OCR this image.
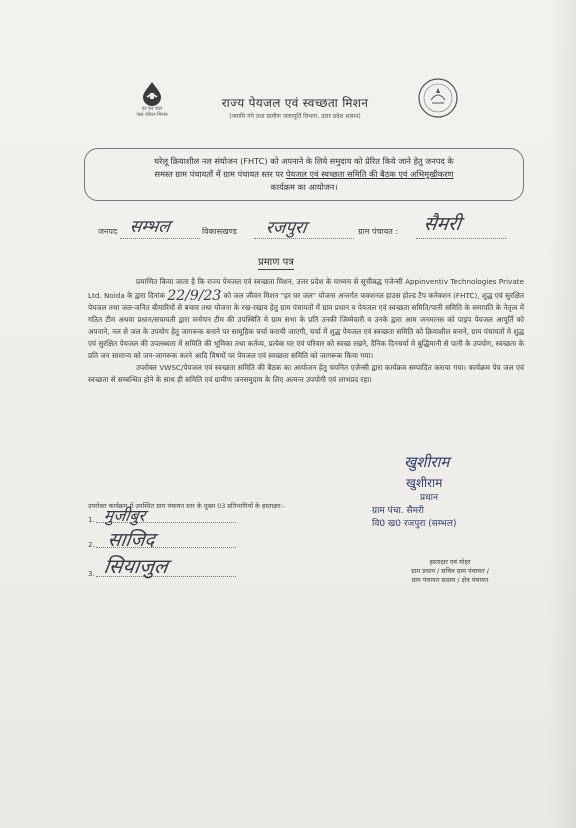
हर घर जल
जल जीवन मिशन
राज्य पेयजल एवं स्वच्छता मिशन
(नमामि गंगे तथा ग्रामीण जलापूर्ति विभाग, उत्तर प्रदेश शासन)
घरेलू क्रियाशील नल संयोजन (FHTC) को अपनाने के लिये समुदाय को प्रेरित किये जाने हेतु जनपद के
समस्त ग्राम पंचायतों में ग्राम पंचायत स्तर पर पेयजल एवं स्वच्छता समिति की बैठक एवं अभिमुखीकरण
कार्यक्रम का आयोजन।
जनपद सम्भल	विकासखण्ड रजपुरा	ग्राम पंचायत : सैमरी
प्रमाण पत्र

प्रमाणित किया जाता है कि राज्य पेयजल एवं स्वच्छता मिशन, उत्तर प्रदेश के माध्यम से सूचीबद्ध एजेन्सी Appinventiv Technologies Private Ltd. Noida के द्वारा दिनांक 22/9/23 को जल जीवन मिशन "हर घर जल" योजना अन्तर्गत फक्शनल हाउस होल्ड टैप कनेक्शन (FHTC), शुद्ध एवं सुरक्षित पेयजल तथा जल-जनित बीमारियों से बचाव तथा योजना के रख-रखाव हेतु ग्राम पंचायतों में ग्राम प्रधान व पेयजल एवं स्वच्छता समिति/पानी समिति के समापति के नेतृत्व में गठित टीम अथवा प्रधान/सचायती द्वारा मनोयन टीम की उपस्थिति मे ग्राम सभा के प्रति उनकी जिम्मेवारी व उनके द्वारा आम जनमानस को पाइप पेयजल आपूर्ति को अपनाने, नल से जल के उपयोग हेतु जागरूक बनाने पर सामूहिक चर्चा करायी जाएगी, चर्चा में शुद्ध पेयजल एवं स्वच्छता समिति को क्रियाशील बनाने, ग्राम पंचायतों मे शुद्ध एवं सुरक्षित पेयजल की उपलब्धता में समिति की भूमिका तथा कर्तव्य, प्रत्येक घर एवं परिवार को स्वच्छ रखने, दैनिक दिनचर्या मे बुद्धिमानी से पानी के उपयोग, स्वच्छता के प्रति जन सामान्य को जन-जागरूक करने आदि विषयों पर पेयजल एवं स्वच्छता समिति को जागरूक किया गया।

उपरोक्त VWSC/पेयजल एवं स्वच्छता समिति की बैठक का आयोजन हेतु चयनित एजेन्सी द्वारा कार्यक्रम सम्पादित कराया गया। कार्यक्रम पेय जल एवं स्वच्छता से सम्बन्धित होने के साथ ही समिति एवं ग्रामीण जनसमुदाय के लिए अत्यन्त उपयोगी एवं लाभप्रद रहा।

खुशीराम
खुशीराम
प्रधान
ग्राम पंचा. सैमरी
वि0 ख0 रजपुरा (सम्भल)
उपरोक्त कार्यक्रम में उपस्थित ग्राम पंचायत स्तर के मुख्य 03 प्रतिभागियों के हस्ताक्षर:-
1. मुजीबुर
2. साजिद
3. सियाजुल	हस्ताक्षर एवं मोहर
ग्राम प्रधान / सचिव ग्राम पंचायत /
ग्राम पंचायत सदस्य / क्षेत्र पंचायत
